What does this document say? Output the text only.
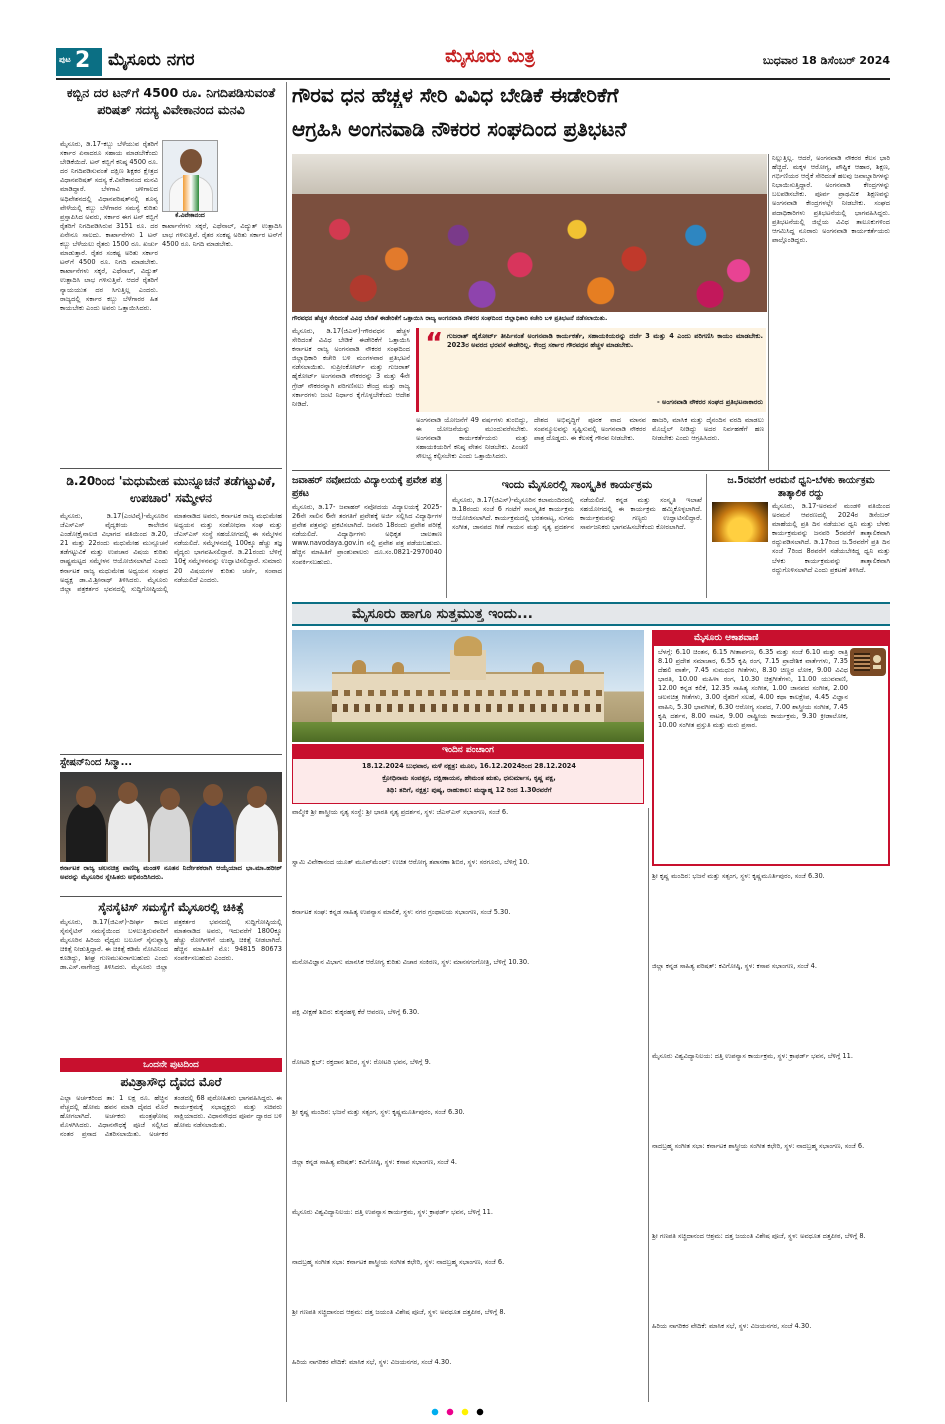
ಪುಟ 2 ಮೈಸೂರು ನಗರ	ಮೈಸೂರು ಮಿತ್ರ	ಬುಧವಾರ 18 ಡಿಸೆಂಬರ್ 2024
ಗೌರವ ಧನ ಹೆಚ್ಚಳ ಸೇರಿ ವಿವಿಧ ಬೇಡಿಕೆ ಈಡೇರಿಕೆಗೆ
ಆಗ್ರಹಿಸಿ ಅಂಗನವಾಡಿ ನೌಕರರ ಸಂಘದಿಂದ ಪ್ರತಿಭಟನೆ
ಗೌರವಧನ ಹೆಚ್ಚಳ ಸೇರಿದಂತೆ ವಿವಿಧ ಬೇಡಿಕೆ ಈಡೇರಿಕೆಗೆ ಒತ್ತಾಯಿಸಿ ರಾಜ್ಯ ಅಂಗನವಾಡಿ ನೌಕರರ ಸಂಘದಿಂದ ಜಿಲ್ಲಾಧಿಕಾರಿ ಕಚೇರಿ ಬಳಿ ಪ್ರತಿಭಟನೆ ನಡೆಸಲಾಯಿತು.
ಮೈಸೂರು, ಡಿ.17(ಜಿಎಸ್)-ಗೌರವಧನ ಹೆಚ್ಚಳ ಸೇರಿದಂತೆ ವಿವಿಧ ಬೇಡಿಕೆ ಈಡೇರಿಕೆಗೆ ಒತ್ತಾಯಿಸಿ ಕರ್ನಾಟಕ ರಾಜ್ಯ ಅಂಗನವಾಡಿ ನೌಕರರ ಸಂಘದಿಂದ ಜಿಲ್ಲಾಧಿಕಾರಿ ಕಚೇರಿ ಬಳಿ ಮಂಗಳವಾರ ಪ್ರತಿಭಟನೆ ನಡೆಸಲಾಯಿತು. ಸುಪ್ರೀಂಕೋರ್ಟ್ ಮತ್ತು ಗುಜರಾತ್ ಹೈಕೋರ್ಟ್ ಅಂಗನವಾಡಿ ನೌಕರರನ್ನು 3 ಮತ್ತು 4ನೇ ಗ್ರೇಡ್ ನೌಕರರನ್ನಾಗಿ ಪರಿಗಣಿಸಲು ಕೇಂದ್ರ ಮತ್ತು ರಾಜ್ಯ ಸರ್ಕಾರಗಳು ಜಂಟಿ ನಿರ್ಧಾರ ಕೈಗೊಳ್ಳಬೇಕೆಂದು ಆದೇಶ ನೀಡಿದೆ.
“ ಗುಜರಾತ್ ಹೈಕೋರ್ಟ್ ತೀರ್ಪಿನಂತೆ ಅಂಗನವಾಡಿ ಕಾರ್ಯಕರ್ತೆ, ಸಹಾಯಕಿಯರನ್ನು ದರ್ಜೆ 3 ಮತ್ತು 4 ಎಂದು ಪರಿಗಣಿಸಿ ಕಾಯಂ ಮಾಡಬೇಕು. 2023ರ ಅವರದ ಭರವಸೆ ಈಡೇರಿಲ್ಲ. ಕೇಂದ್ರ ಸರ್ಕಾರ ಗೌರವಧನ ಹೆಚ್ಚಳ ಮಾಡಬೇಕು.
- ಅಂಗನವಾಡಿ ನೌಕರರ ಸಂಘದ ಪ್ರತಿಭಟನಾಕಾರರು
ಅಂಗನವಾಡಿ ಯೋಜನೆಗೆ 49 ವರ್ಷಗಳು ತುಂಬಿದ್ದು, ಈ ಯೋಜನೆಯನ್ನು ಮುಂದುವರೆಸಬೇಕು. ಅಂಗನವಾಡಿ ಕಾರ್ಯಕರ್ತೆಯರು ಮತ್ತು ಸಹಾಯಕಿಯರಿಗೆ ಕನಿಷ್ಠ ವೇತನ ನೀಡಬೇಕು. ಪಿಂಚಣಿ ಸೌಲಭ್ಯ ಕಲ್ಪಿಸಬೇಕು ಎಂದು ಒತ್ತಾಯಿಸಿದರು.
ದೇಶದ ಅಭಿವೃದ್ಧಿಗೆ ಪೂರಕ ವಾದ ಮಾನವ ಸಂಪನ್ಮೂಲವನ್ನು ಸೃಷ್ಟಿಸುವಲ್ಲಿ ಅಂಗನವಾಡಿ ನೌಕರರ ಪಾತ್ರ ದೊಡ್ಡದು. ಈ ಕೆಲಸಕ್ಕೆ ಗೌರವ ನೀಡಬೇಕು.
ಹಾಜರಿ, ಮಾಸಿಕ ಮತ್ತು ದೈನಂದಿನ ವರದಿ ಮಾಡಲು ಮೊಬೈಲ್ ನೀಡಿದ್ದು ಅದರ ನಿರ್ವಹಣೆಗೆ ಹಣ ನೀಡಬೇಕು ಎಂದು ಆಗ್ರಹಿಸಿದರು.
ನಿಲ್ಲುತ್ತಿಲ್ಲ. ಆದರೆ, ಅಂಗನವಾಡಿ ನೌಕರರ ಕೆಲಸ ಭಾರಿ ಹೆಚ್ಚಿದೆ. ಮಕ್ಕಳ ಆರೋಗ್ಯ, ಪೌಷ್ಟಿಕ ಆಹಾರ, ಶಿಕ್ಷಣ, ಗರ್ಭಿಣಿಯರ ಆರೈಕೆ ಸೇರಿದಂತೆ ಹಲವು ಜವಾಬ್ದಾರಿಗಳನ್ನು ನಿಭಾಯಿಸುತ್ತಿದ್ದಾರೆ. ಅಂಗನವಾಡಿ ಕೇಂದ್ರಗಳನ್ನು ಬಲಪಡಿಸಬೇಕು. ಪೂರ್ವ ಪ್ರಾಥಮಿಕ ಶಿಕ್ಷಣವನ್ನು ಅಂಗನವಾಡಿ ಕೇಂದ್ರಗಳಲ್ಲೇ ನೀಡಬೇಕು. ಸಂಘದ ಪದಾಧಿಕಾರಿಗಳು ಪ್ರತಿಭಟನೆಯಲ್ಲಿ ಭಾಗವಹಿಸಿದ್ದರು. ಪ್ರತಿಭಟನೆಯಲ್ಲಿ ಜಿಲ್ಲೆಯ ವಿವಿಧ ತಾಲೂಕುಗಳಿಂದ ಆಗಮಿಸಿದ್ದ ನೂರಾರು ಅಂಗನವಾಡಿ ಕಾರ್ಯಕರ್ತೆಯರು ಪಾಲ್ಗೊಂಡಿದ್ದರು.
ಕಬ್ಬಿನ ದರ ಟನ್‌ಗೆ 4500 ರೂ. ನಿಗದಿಪಡಿಸುವಂತೆ ಪರಿಷತ್ ಸದಸ್ಯ ವಿವೇಕಾನಂದ ಮನವಿ
ಕೆ.ವಿವೇಕಾನಂದ
ಮೈಸೂರು, ಡಿ.17-ಕಬ್ಬು ಬೆಳೆಯುವ ರೈತರಿಗೆ ಸರ್ಕಾರ ಏನಾದರೂ ಸಹಾಯ ಮಾಡಬೇಕೆಂದು ಬೇಡಿಕೆಯಿದೆ. ಟನ್ ಕಬ್ಬಿಗೆ ಕನಿಷ್ಠ 4500 ರೂ. ದರ ನಿಗದಿಪಡಿಸುವಂತೆ ದಕ್ಷಿಣ ಶಿಕ್ಷಕರ ಕ್ಷೇತ್ರದ ವಿಧಾನಪರಿಷತ್ ಸದಸ್ಯ ಕೆ.ವಿವೇಕಾನಂದ ಮನವಿ ಮಾಡಿದ್ದಾರೆ. ಬೆಳಗಾವಿ ಚಳಿಗಾಲದ ಅಧಿವೇಶನದಲ್ಲಿ ವಿಧಾನಪರಿಷತ್‌ನಲ್ಲಿ ಶೂನ್ಯ ವೇಳೆಯಲ್ಲಿ ಕಬ್ಬು ಬೆಳೆಗಾರರ ಸಮಸ್ಯೆ ಕುರಿತು ಪ್ರಸ್ತಾಪಿಸಿದ ಅವರು, ಸರ್ಕಾರ ಈಗ ಟನ್ ಕಬ್ಬಿಗೆ ರೈತರಿಗೆ ನಿಗದಿಪಡಿಸಿರುವ 3151 ರೂ. ದರ ಏನೇನೂ ಸಾಲದು. ಕಾರ್ಖಾನೆಗಳು 1 ಟನ್ ಕಬ್ಬು ಬೆಳೆಯಲು ರೈತರು 1500 ರೂ. ಖರ್ಚು ಮಾಡುತ್ತಾರೆ. ರೈತರ ಸಂಕಷ್ಟ ಅರಿತು ಸರ್ಕಾರ ಟನ್‌ಗೆ 4500 ರೂ. ನಿಗದಿ ಮಾಡಬೇಕು. ಕಾರ್ಖಾನೆಗಳು ಸಕ್ಕರೆ, ಎಥೆನಾಲ್, ವಿದ್ಯುತ್ ಉತ್ಪಾದಿಸಿ ಲಾಭ ಗಳಿಸುತ್ತಿವೆ. ಆದರೆ ರೈತರಿಗೆ ನ್ಯಾಯಯುತ ದರ ಸಿಗುತ್ತಿಲ್ಲ ಎಂದರು. ರಾಜ್ಯದಲ್ಲಿ ಸರ್ಕಾರ ಕಬ್ಬು ಬೆಳೆಗಾರರ ಹಿತ ಕಾಯಬೇಕು ಎಂದು ಅವರು ಒತ್ತಾಯಿಸಿದರು.
ಕಾರ್ಖಾನೆಗಳು ಸಕ್ಕರೆ, ಎಥೆನಾಲ್, ವಿದ್ಯುತ್ ಉತ್ಪಾದಿಸಿ ಲಾಭ ಗಳಿಸುತ್ತಿವೆ. ರೈತರ ಸಂಕಷ್ಟ ಅರಿತು ಸರ್ಕಾರ ಟನ್‌ಗೆ 4500 ರೂ. ನಿಗದಿ ಮಾಡಬೇಕು.
ಡಿ.20ರಿಂದ 'ಮಧುಮೇಹ ಮುನ್ನೂಚನೆ ತಡೆಗಟ್ಟುವಿಕೆ, ಉಪಚಾರ' ಸಮ್ಮೇಳನ
ಮೈಸೂರು, ಡಿ.17(ಎಂಟಿವೈ)-ಮೈಸೂರಿನ ಜೆಎಸ್‌ಎಸ್ ವೈದ್ಯಕೀಯ ಕಾಲೇಜಿನ ಎಂಡೋಕ್ರೈನಾಲಜಿ ವಿಭಾಗದ ವತಿಯಿಂದ ಡಿ.20, 21 ಮತ್ತು 22ರಂದು ಮಧುಮೇಹ ಮುನ್ಸೂಚನೆ ತಡೆಗಟ್ಟುವಿಕೆ ಮತ್ತು ಉಪಚಾರ ವಿಷಯ ಕುರಿತು ರಾಷ್ಟ್ರಮಟ್ಟದ ಸಮ್ಮೇಳನ ಆಯೋಜಿಸಲಾಗಿದೆ ಎಂದು ಕರ್ನಾಟಕ ರಾಜ್ಯ ಮಧುಮೇಹ ಅಧ್ಯಯನ ಸಂಘದ ಅಧ್ಯಕ್ಷ ಡಾ.ವಿ.ಶ್ರೀನಾಥ್ ತಿಳಿಸಿದರು. ಮೈಸೂರು ಜಿಲ್ಲಾ ಪತ್ರಕರ್ತರ ಭವನದಲ್ಲಿ ಸುದ್ದಿಗೋಷ್ಠಿಯಲ್ಲಿ ಮಾತನಾಡಿದ ಅವರು, ಕರ್ನಾಟಕ ರಾಜ್ಯ ಮಧುಮೇಹ ಅಧ್ಯಯನ ಮತ್ತು ಸಂಶೋಧನಾ ಸಂಘ ಮತ್ತು ಜೆಎಸ್‌ಎಸ್ ಸಂಸ್ಥೆ ಸಹಯೋಗದಲ್ಲಿ ಈ ಸಮ್ಮೇಳನ ನಡೆಯಲಿದೆ. ಸಮ್ಮೇಳನದಲ್ಲಿ 100ಕ್ಕೂ ಹೆಚ್ಚು ತಜ್ಞ ವೈದ್ಯರು ಭಾಗವಹಿಸಲಿದ್ದಾರೆ. ಡಿ.21ರಂದು ಬೆಳಿಗ್ಗೆ 10ಕ್ಕೆ ಸಮ್ಮೇಳನವನ್ನು ಉದ್ಘಾಟಿಸಲಿದ್ದಾರೆ. ಸುಮಾರು 20 ವಿಷಯಗಳ ಕುರಿತು ಚರ್ಚೆ, ಸಂವಾದ ನಡೆಯಲಿದೆ ಎಂದರು.
ಸ್ಟೇಷನ್‌ನಿಂದ ಸಿನ್ಮಾ...
ಕರ್ನಾಟಕ ರಾಜ್ಯ ಚಲನಚಿತ್ರ ವಾಣಿಜ್ಯ ಮಂಡಳಿ ನೂತನ ನಿರ್ದೇಶಕರಾಗಿ ಆಯ್ಕೆಯಾದ ಭಾ.ಮಾ.ಹರೀಶ್ ಅವರನ್ನು ಮೈಸೂರಿನ ಸ್ನೇಹಿತರು ಅಭಿನಂದಿಸಿದರು.
ಸೈನಸೈಟಿಸ್ ಸಮಸ್ಯೆಗೆ ಮೈಸೂರಲ್ಲಿ ಚಿಕಿತ್ಸೆ
ಮೈಸೂರು, ಡಿ.17(ಜಿಎಸ್)-ದೀರ್ಘ ಕಾಲದ ಸೈನಸೈಟಿಸ್ ಸಮಸ್ಯೆಯಿಂದ ಬಳಲುತ್ತಿರುವವರಿಗೆ ಮೈಸೂರಿನ ಹಿರಿಯ ವೈದ್ಯರು ಬಲೂನ್ ಸೈನುಪ್ಲಾಸ್ಟಿ ಚಿಕಿತ್ಸೆ ನೀಡುತ್ತಿದ್ದಾರೆ. ಈ ಚಿಕಿತ್ಸೆ ಕಡಿಮೆ ನೋವಿನಿಂದ ಕೂಡಿದ್ದು, ಶೀಘ್ರ ಗುಣಮುಖರಾಗಬಹುದು ಎಂದು ಡಾ.ಎಸ್.ನಾಗೇಂದ್ರ ತಿಳಿಸಿದರು. ಮೈಸೂರು ಜಿಲ್ಲಾ ಪತ್ರಕರ್ತರ ಭವನದಲ್ಲಿ ಸುದ್ದಿಗೋಷ್ಠಿಯಲ್ಲಿ ಮಾತನಾಡಿದ ಅವರು, ಇದುವರೆಗೆ 1800ಕ್ಕೂ ಹೆಚ್ಚು ರೋಗಿಗಳಿಗೆ ಯಶಸ್ವಿ ಚಿಕಿತ್ಸೆ ನೀಡಲಾಗಿದೆ. ಹೆಚ್ಚಿನ ಮಾಹಿತಿಗೆ ಮೊ: 94815 80673 ಸಂಪರ್ಕಿಸಬಹುದು ಎಂದರು.
ಒಂದನೇ ಪುಟದಿಂದ
ಪವಿತ್ರಾಸೌಧ ದೈವದ ಮೊರೆ
ಎಲ್ಲಾ ಅರ್ಚಕರಿಂದ ತಾ: 1 ಲಕ್ಷ ರೂ. ಹೆಚ್ಚಿನ ವೆಚ್ಚದಲ್ಲಿ ಹೋಮ ಹವನ ಮಾಡಿ ದೈವದ ಮೊರೆ ಹೋಗಲಾಗಿದೆ. ಅರ್ಚಕರು ಮಂತ್ರಘೋಷ ಮೊಳಗಿಸಿದರು. ವಿಧಾನಸೌಧಕ್ಕೆ ಪೂಜೆ ಸಲ್ಲಿಸಿದ ನಂತರ ಪ್ರಸಾದ ವಿತರಿಸಲಾಯಿತು. ಅರ್ಚಕರ ತಂಡದಲ್ಲಿ 68 ಪುರೋಹಿತರು ಭಾಗವಹಿಸಿದ್ದರು. ಈ ಕಾರ್ಯಕ್ರಮಕ್ಕೆ ಸಭಾಧ್ಯಕ್ಷರು ಮತ್ತು ಸಚಿವರು ಸಾಕ್ಷಿಯಾದರು. ವಿಧಾನಸೌಧದ ಪೂರ್ವ ದ್ವಾರದ ಬಳಿ ಹೋಮ ನಡೆಸಲಾಯಿತು.
ಜವಾಹರ್ ನವೋದಯ ವಿದ್ಯಾಲಯಕ್ಕೆ ಪ್ರವೇಶ ಪತ್ರ ಪ್ರಕಟ
ಮೈಸೂರು, ಡಿ.17- ಜವಾಹರ್ ನವೋದಯ ವಿದ್ಯಾಲಯಕ್ಕೆ 2025-26ನೇ ಸಾಲಿನ 6ನೇ ತರಗತಿಗೆ ಪ್ರವೇಶಕ್ಕೆ ಅರ್ಜಿ ಸಲ್ಲಿಸಿದ ವಿದ್ಯಾರ್ಥಿಗಳ ಪ್ರವೇಶ ಪತ್ರವನ್ನು ಪ್ರಕಟಿಸಲಾಗಿದೆ. ಜನವರಿ 18ರಂದು ಪ್ರವೇಶ ಪರೀಕ್ಷೆ ನಡೆಯಲಿದೆ. ವಿದ್ಯಾರ್ಥಿಗಳು ಅಧಿಕೃತ ಜಾಲತಾಣ www.navodaya.gov.in ನಲ್ಲಿ ಪ್ರವೇಶ ಪತ್ರ ಪಡೆಯಬಹುದು. ಹೆಚ್ಚಿನ ಮಾಹಿತಿಗೆ ಪ್ರಾಂಶುಪಾಲರು ದೂ.ಸಂ.0821-2970040 ಸಂಪರ್ಕಿಸಬಹುದು.
ಇಂದು ಮೈಸೂರಲ್ಲಿ ಸಾಂಸ್ಕೃತಿಕ ಕಾರ್ಯಕ್ರಮ
ಮೈಸೂರು, ಡಿ.17(ಜಿಎಸ್)-ಮೈಸೂರಿನ ಕಲಾಮಂದಿರದಲ್ಲಿ ಡಿ.18ರಂದು ಸಂಜೆ 6 ಗಂಟೆಗೆ ಸಾಂಸ್ಕೃತಿಕ ಕಾರ್ಯಕ್ರಮ ಆಯೋಜಿಸಲಾಗಿದೆ. ಕಾರ್ಯಕ್ರಮದಲ್ಲಿ ಭರತನಾಟ್ಯ, ಸುಗಮ ಸಂಗೀತ, ಜಾನಪದ ಗೀತೆ ಗಾಯನ ಮತ್ತು ನೃತ್ಯ ಪ್ರದರ್ಶನ ನಡೆಯಲಿದೆ. ಕನ್ನಡ ಮತ್ತು ಸಂಸ್ಕೃತಿ ಇಲಾಖೆ ಸಹಯೋಗದಲ್ಲಿ ಈ ಕಾರ್ಯಕ್ರಮ ಹಮ್ಮಿಕೊಳ್ಳಲಾಗಿದೆ. ಕಾರ್ಯಕ್ರಮವನ್ನು ಗಣ್ಯರು ಉದ್ಘಾಟಿಸಲಿದ್ದಾರೆ. ಸಾರ್ವಜನಿಕರು ಭಾಗವಹಿಸಬೇಕೆಂದು ಕೋರಲಾಗಿದೆ.
ಜ.5ರವರೆಗೆ ಅರಮನೆ ಧ್ವನಿ-ಬೆಳಕು ಕಾರ್ಯಕ್ರಮ ತಾತ್ಕಾಲಿಕ ರದ್ದು
ಮೈಸೂರು, ಡಿ.17-ಅರಮನೆ ಮಂಡಳಿ ವತಿಯಿಂದ ಅರಮನೆ ಆವರಣದಲ್ಲಿ 2024ರ ಡಿಸೆಂಬರ್ ಮಾಹೆಯಲ್ಲಿ ಪ್ರತಿ ದಿನ ನಡೆಯುವ ಧ್ವನಿ ಮತ್ತು ಬೆಳಕು ಕಾರ್ಯಕ್ರಮವನ್ನು ಜನವರಿ 5ರವರೆಗೆ ತಾತ್ಕಾಲಿಕವಾಗಿ ರದ್ದುಪಡಿಸಲಾಗಿದೆ. ಡಿ.17ರಿಂದ ಜ.5ರವರೆಗೆ ಪ್ರತಿ ದಿನ ಸಂಜೆ 7ರಿಂದ 8ರವರೆಗೆ ನಡೆಯಬೇಕಿದ್ದ ಧ್ವನಿ ಮತ್ತು ಬೆಳಕು ಕಾರ್ಯಕ್ರಮವನ್ನು ತಾತ್ಕಾಲಿಕವಾಗಿ ರದ್ದುಗೊಳಿಸಲಾಗಿದೆ ಎಂದು ಪ್ರಕಟಣೆ ತಿಳಿಸಿದೆ.
ಮೈಸೂರು ಹಾಗೂ ಸುತ್ತಮುತ್ತ ಇಂದು...
ಇಂದಿನ ಪಂಚಾಂಗ
18.12.2024 ಬುಧವಾರ, ಮಳೆ ನಕ್ಷತ್ರ: ಮೂಲ, 16.12.2024ರಿಂದ 28.12.2024
ಕ್ರೋಧಿನಾಮ ಸಂವತ್ಸರ, ದಕ್ಷಿಣಾಯನ, ಹೇಮಂತ ಋತು, ಧನುರ್ಮಾಸ, ಕೃಷ್ಣ ಪಕ್ಷ,
ತಿಥಿ: ತದಿಗೆ, ನಕ್ಷತ್ರ: ಪುಷ್ಯ, ರಾಹುಕಾಲ: ಮಧ್ಯಾಹ್ನ 12 ರಿಂದ 1.30ರವರೆಗೆ
ಮೈಸೂರು ಆಕಾಶವಾಣಿ
ಬೆಳಗ್ಗೆ: 6.10 ಚಿಂತನ, 6.15 ಗೀತಾರ್ಪಣ, 6.35 ಮತ್ತು ಸಂಜೆ 6.10 ಮತ್ತು ರಾತ್ರಿ 8.10 ಪ್ರದೇಶ ಸಮಾಚಾರ, 6.55 ಕೃಷಿ ರಂಗ, 7.15 ಪ್ರಾದೇಶಿಕ ವಾರ್ತೆಗಳು, 7.35 ದೆಹಲಿ ವಾರ್ತೆ, 7.45 ಸುಮಧುರ ಗೀತೆಗಳು, 8.30 ಚಿಣ್ಣರ ಲೋಕ, 9.00 ವಿವಿಧ ಭಾರತಿ, 10.00 ಮಹಿಳಾ ರಂಗ, 10.30 ಚಿತ್ರಗೀತೆಗಳು, 11.00 ಯುವವಾಣಿ, 12.00 ಕನ್ನಡ ಕಲಿಕೆ, 12.35 ಸಾಹಿತ್ಯ ಸಂಗೀತ, 1.00 ಜಾನಪದ ಸಂಗೀತ, 2.00 ಚಲನಚಿತ್ರ ಗೀತೆಗಳು, 3.00 ರೈತರಿಗೆ ಸಲಹೆ, 4.00 ಕಥಾ ಕಾಲಕ್ಷೇಪ, 4.45 ವಿಜ್ಞಾನ ವಾಹಿನಿ, 5.30 ಭಾವಗೀತೆ, 6.30 ಆರೋಗ್ಯ ಸಂಪದ, 7.00 ಶಾಸ್ತ್ರೀಯ ಸಂಗೀತ, 7.45 ಕೃಷಿ ದರ್ಶನ, 8.00 ನಾಟಕ, 9.00 ರಾಷ್ಟ್ರೀಯ ಕಾರ್ಯಕ್ರಮ, 9.30 ಕ್ರೀಡಾಲೋಕ, 10.00 ಸಂಗೀತ ಪ್ರಸ್ತುತಿ ಮತ್ತು ಮರು ಪ್ರಸಾರ.
ವಾಲ್ಮೀಕಿ ಶ್ರೀ ಶಾಸ್ತ್ರೀಯ ನೃತ್ಯ ಸಂಸ್ಥೆ: ಶ್ರೀ ಭಾರತಿ ನೃತ್ಯ ಪ್ರದರ್ಶನ, ಸ್ಥಳ: ಜೆಎಸ್‌ಎಸ್ ಸಭಾಂಗಣ, ಸಂಜೆ 6.
ಸ್ವಾಮಿ ವಿವೇಕಾನಂದ ಯೂತ್ ಮೂವ್‌ಮೆಂಟ್: ಉಚಿತ ಆರೋಗ್ಯ ತಪಾಸಣಾ ಶಿಬಿರ, ಸ್ಥಳ: ಸರಗೂರು, ಬೆಳಿಗ್ಗೆ 10.
ಕರ್ನಾಟಕ ಸಂಘ: ಕನ್ನಡ ಸಾಹಿತ್ಯ ಉಪನ್ಯಾಸ ಮಾಲಿಕೆ, ಸ್ಥಳ: ನಗರ ಗ್ರಂಥಾಲಯ ಸಭಾಂಗಣ, ಸಂಜೆ 5.30.
ಮನೋವಿಜ್ಞಾನ ವಿಭಾಗ: ಮಾನಸಿಕ ಆರೋಗ್ಯ ಕುರಿತು ವಿಚಾರ ಸಂಕಿರಣ, ಸ್ಥಳ: ಮಾನಸಗಂಗೋತ್ರಿ, ಬೆಳಿಗ್ಗೆ 10.30.
ಪಕ್ಷಿ ವೀಕ್ಷಣೆ ಶಿಬಿರ: ಕುಕ್ಕರಹಳ್ಳಿ ಕೆರೆ ಆವರಣ, ಬೆಳಿಗ್ಗೆ 6.30.
ರೋಟರಿ ಕ್ಲಬ್: ರಕ್ತದಾನ ಶಿಬಿರ, ಸ್ಥಳ: ರೋಟರಿ ಭವನ, ಬೆಳಿಗ್ಗೆ 9.
ಶ್ರೀ ಕೃಷ್ಣ ಮಂದಿರ: ಭಜನೆ ಮತ್ತು ಸತ್ಸಂಗ, ಸ್ಥಳ: ಕೃಷ್ಣಮೂರ್ತಿಪುರಂ, ಸಂಜೆ 6.30.
ಜಿಲ್ಲಾ ಕನ್ನಡ ಸಾಹಿತ್ಯ ಪರಿಷತ್: ಕವಿಗೋಷ್ಠಿ, ಸ್ಥಳ: ಕಸಾಪ ಸಭಾಂಗಣ, ಸಂಜೆ 4.
ಮೈಸೂರು ವಿಶ್ವವಿದ್ಯಾನಿಲಯ: ದತ್ತಿ ಉಪನ್ಯಾಸ ಕಾರ್ಯಕ್ರಮ, ಸ್ಥಳ: ಕ್ರಾಫರ್ಡ್ ಭವನ, ಬೆಳಿಗ್ಗೆ 11.
ನಾದಬ್ರಹ್ಮ ಸಂಗೀತ ಸಭಾ: ಕರ್ನಾಟಕ ಶಾಸ್ತ್ರೀಯ ಸಂಗೀತ ಕಛೇರಿ, ಸ್ಥಳ: ನಾದಬ್ರಹ್ಮ ಸಭಾಂಗಣ, ಸಂಜೆ 6.
ಶ್ರೀ ಗಣಪತಿ ಸಚ್ಚಿದಾನಂದ ಆಶ್ರಮ: ದತ್ತ ಜಯಂತಿ ವಿಶೇಷ ಪೂಜೆ, ಸ್ಥಳ: ಅವಧೂತ ದತ್ತಪೀಠ, ಬೆಳಿಗ್ಗೆ 8.
ಹಿರಿಯ ನಾಗರಿಕರ ವೇದಿಕೆ: ಮಾಸಿಕ ಸಭೆ, ಸ್ಥಳ: ವಿಜಯನಗರ, ಸಂಜೆ 4.30.
ಶ್ರೀ ಕೃಷ್ಣ ಮಂದಿರ: ಭಜನೆ ಮತ್ತು ಸತ್ಸಂಗ, ಸ್ಥಳ: ಕೃಷ್ಣಮೂರ್ತಿಪುರಂ, ಸಂಜೆ 6.30.
ಜಿಲ್ಲಾ ಕನ್ನಡ ಸಾಹಿತ್ಯ ಪರಿಷತ್: ಕವಿಗೋಷ್ಠಿ, ಸ್ಥಳ: ಕಸಾಪ ಸಭಾಂಗಣ, ಸಂಜೆ 4.
ಮೈಸೂರು ವಿಶ್ವವಿದ್ಯಾನಿಲಯ: ದತ್ತಿ ಉಪನ್ಯಾಸ ಕಾರ್ಯಕ್ರಮ, ಸ್ಥಳ: ಕ್ರಾಫರ್ಡ್ ಭವನ, ಬೆಳಿಗ್ಗೆ 11.
ನಾದಬ್ರಹ್ಮ ಸಂಗೀತ ಸಭಾ: ಕರ್ನಾಟಕ ಶಾಸ್ತ್ರೀಯ ಸಂಗೀತ ಕಛೇರಿ, ಸ್ಥಳ: ನಾದಬ್ರಹ್ಮ ಸಭಾಂಗಣ, ಸಂಜೆ 6.
ಶ್ರೀ ಗಣಪತಿ ಸಚ್ಚಿದಾನಂದ ಆಶ್ರಮ: ದತ್ತ ಜಯಂತಿ ವಿಶೇಷ ಪೂಜೆ, ಸ್ಥಳ: ಅವಧೂತ ದತ್ತಪೀಠ, ಬೆಳಿಗ್ಗೆ 8.
ಹಿರಿಯ ನಾಗರಿಕರ ವೇದಿಕೆ: ಮಾಸಿಕ ಸಭೆ, ಸ್ಥಳ: ವಿಜಯನಗರ, ಸಂಜೆ 4.30.
